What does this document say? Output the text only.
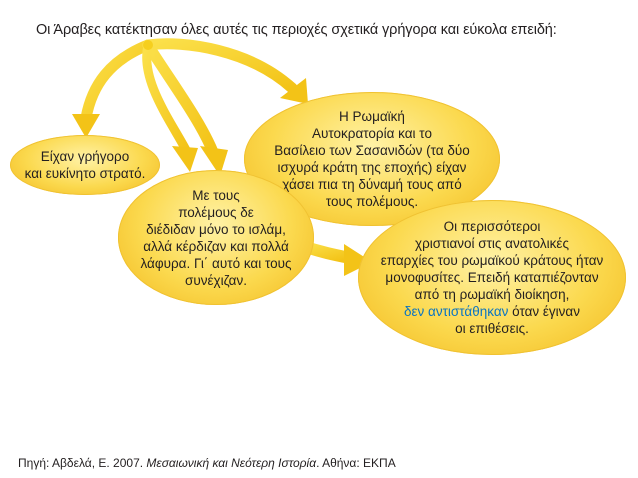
Οι Άραβες κατέκτησαν όλες αυτές τις περιοχές σχετικά γρήγορα και εύκολα επειδή:
Είχαν γρήγορο
και ευκίνητο στρατό.
Η Ρωμαϊκή
Αυτοκρατορία και το
Βασίλειο των Σασανιδών (τα δύο
ισχυρά κράτη της εποχής) είχαν
χάσει πια τη δύναμή τους από
τους πολέμους.
Με τους
πολέμους δε
διέδιδαν μόνο το ισλάμ,
αλλά κέρδιζαν και πολλά
λάφυρα. Γι΄ αυτό και τους
συνέχιζαν.
Οι περισσότεροι
χριστιανοί στις ανατολικές
επαρχίες του ρωμαϊκού κράτους ήταν
μονοφυσίτες. Επειδή καταπιέζονταν
από τη ρωμαϊκή διοίκηση,
δεν αντιστάθηκαν όταν έγιναν
οι επιθέσεις.
Πηγή: Αβδελά, Ε. 2007. Μεσαιωνική και Νεότερη Ιστορία. Αθήνα: ΕΚΠΑ
